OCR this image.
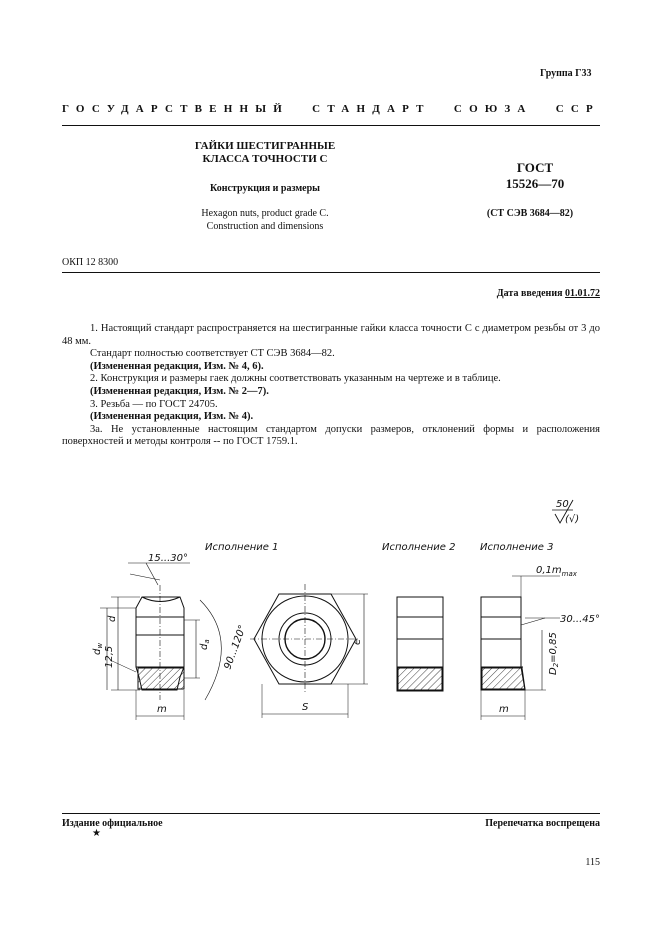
Группа Г33
ГОСУДАРСТВЕННЫЙ СТАНДАРТ СОЮЗА ССР
ГАЙКИ ШЕСТИГРАННЫЕ
КЛАССА ТОЧНОСТИ С
Конструкция и размеры
Hexagon nuts, product grade C.
Construction and dimensions
ГОСТ
15526—70
(СТ СЭВ 3684—82)
ОКП 12 8300
Дата введения 01.01.72

1. Настоящий стандарт распространяется на шестигранные гайки класса точности С с диаметром резьбы от 3 до 48 мм.

Стандарт полностью соответствует СТ СЭВ 3684—82.

(Измененная редакция, Изм. № 4, 6).

2. Конструкция и размеры гаек должны соответствовать указанным на чертеже и в таблице.

(Измененная редакция, Изм. № 2—7).

3. Резьба — по ГОСТ 24705.

(Измененная редакция, Изм. № 4).

3а. Не установленные настоящим стандартом допуски размеров, отклонений формы и расположения поверхностей и методы контроля -- по ГОСТ 1759.1.

50
(√)
Исполнение 1	Исполнение 2 Исполнение 3
15...30°
90...120°
$d_w$
d
$d_a$
12,5
m	S
e
$0,1m_{max}$
30...45°
$D_2=0,85$
m
Издание официальное
★
Перепечатка воспрещена
115
